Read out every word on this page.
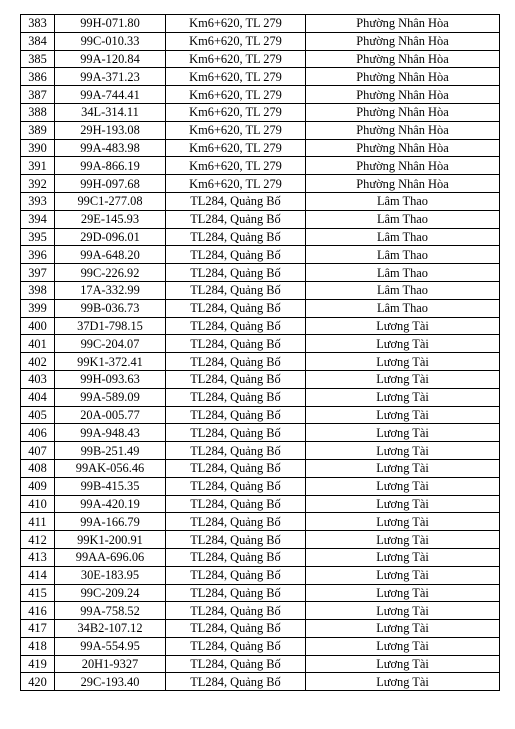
383	99H-071.80	Km6+620, TL 279	Phường Nhân Hòa
384	99C-010.33	Km6+620, TL 279	Phường Nhân Hòa
385	99A-120.84	Km6+620, TL 279	Phường Nhân Hòa
386	99A-371.23	Km6+620, TL 279	Phường Nhân Hòa
387	99A-744.41	Km6+620, TL 279	Phường Nhân Hòa
388	34L-314.11	Km6+620, TL 279	Phường Nhân Hòa
389	29H-193.08	Km6+620, TL 279	Phường Nhân Hòa
390	99A-483.98	Km6+620, TL 279	Phường Nhân Hòa
391	99A-866.19	Km6+620, TL 279	Phường Nhân Hòa
392	99H-097.68	Km6+620, TL 279	Phường Nhân Hòa
393	99C1-277.08	TL284, Quảng Bố	Lâm Thao
394	29E-145.93	TL284, Quảng Bố	Lâm Thao
395	29D-096.01	TL284, Quảng Bố	Lâm Thao
396	99A-648.20	TL284, Quảng Bố	Lâm Thao
397	99C-226.92	TL284, Quảng Bố	Lâm Thao
398	17A-332.99	TL284, Quảng Bố	Lâm Thao
399	99B-036.73	TL284, Quảng Bố	Lâm Thao
400	37D1-798.15	TL284, Quảng Bố	Lương Tài
401	99C-204.07	TL284, Quảng Bố	Lương Tài
402	99K1-372.41	TL284, Quảng Bố	Lương Tài
403	99H-093.63	TL284, Quảng Bố	Lương Tài
404	99A-589.09	TL284, Quảng Bố	Lương Tài
405	20A-005.77	TL284, Quảng Bố	Lương Tài
406	99A-948.43	TL284, Quảng Bố	Lương Tài
407	99B-251.49	TL284, Quảng Bố	Lương Tài
408	99AK-056.46	TL284, Quảng Bố	Lương Tài
409	99B-415.35	TL284, Quảng Bố	Lương Tài
410	99A-420.19	TL284, Quảng Bố	Lương Tài
411	99A-166.79	TL284, Quảng Bố	Lương Tài
412	99K1-200.91	TL284, Quảng Bố	Lương Tài
413	99AA-696.06	TL284, Quảng Bố	Lương Tài
414	30E-183.95	TL284, Quảng Bố	Lương Tài
415	99C-209.24	TL284, Quảng Bố	Lương Tài
416	99A-758.52	TL284, Quảng Bố	Lương Tài
417	34B2-107.12	TL284, Quảng Bố	Lương Tài
418	99A-554.95	TL284, Quảng Bố	Lương Tài
419	20H1-9327	TL284, Quảng Bố	Lương Tài
420	29C-193.40	TL284, Quảng Bố	Lương Tài
